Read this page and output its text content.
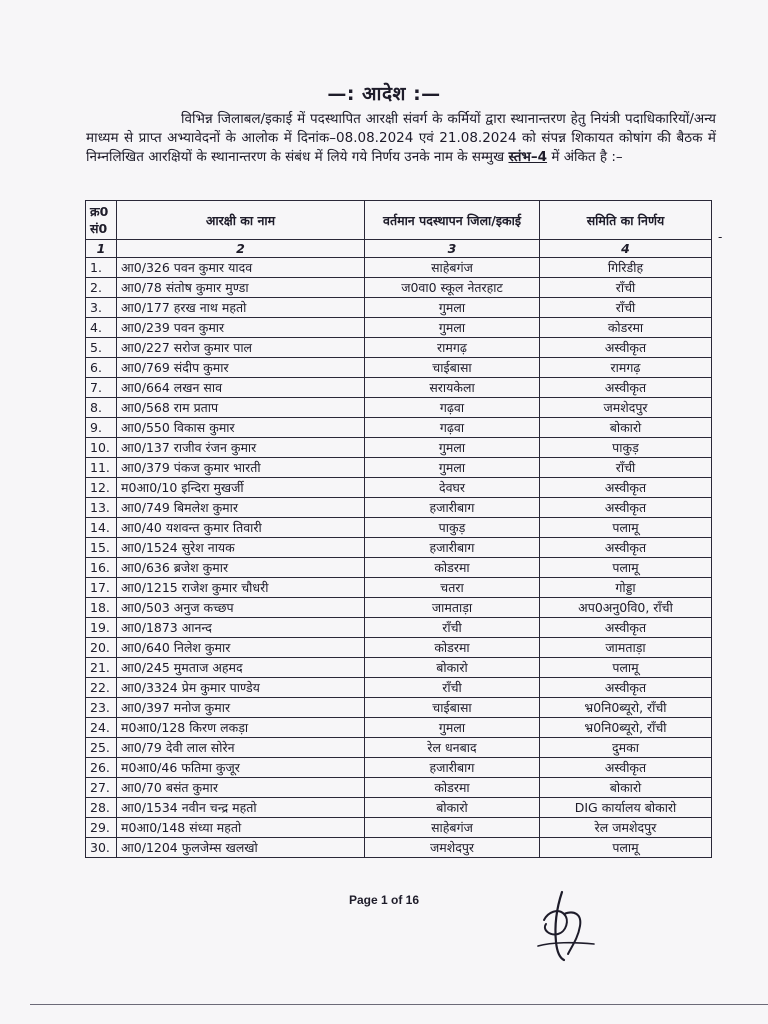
—: आदेश :—

विभिन्न जिलाबल/इकाई में पदस्थापित आरक्षी संवर्ग के कर्मियों द्वारा स्थानान्तरण हेतु नियंत्री पदाधिकारियों/अन्य माध्यम से प्राप्त अभ्यावेदनों के आलोक में दिनांक–08.08.2024 एवं 21.08.2024 को संपन्न शिकायत कोषांग की बैठक में निम्नलिखित आरक्षियों के स्थानान्तरण के संबंध में लिये गये निर्णय उनके नाम के सम्मुख स्तंभ–4 में अंकित है :–

क्र0 सं0	आरक्षी का नाम	वर्तमान पदस्थापन जिला/इकाई	समिति का निर्णय
1	2	3	4
1.	आ0/326 पवन कुमार यादव	साहेबगंज	गिरिडीह
2.	आ0/78 संतोष कुमार मुण्डा	ज0वा0 स्कूल नेतरहाट	राँची
3.	आ0/177 हरख नाथ महतो	गुमला	राँची
4.	आ0/239 पवन कुमार	गुमला	कोडरमा
5.	आ0/227 सरोज कुमार पाल	रामगढ़	अस्वीकृत
6.	आ0/769 संदीप कुमार	चाईबासा	रामगढ़
7.	आ0/664 लखन साव	सरायकेला	अस्वीकृत
8.	आ0/568 राम प्रताप	गढ़वा	जमशेदपुर
9.	आ0/550 विकास कुमार	गढ़वा	बोकारो
10.	आ0/137 राजीव रंजन कुमार	गुमला	पाकुड़
11.	आ0/379 पंकज कुमार भारती	गुमला	राँची
12.	म0आ0/10 इन्दिरा मुखर्जी	देवघर	अस्वीकृत
13.	आ0/749 बिमलेश कुमार	हजारीबाग	अस्वीकृत
14.	आ0/40 यशवन्त कुमार तिवारी	पाकुड़	पलामू
15.	आ0/1524 सुरेश नायक	हजारीबाग	अस्वीकृत
16.	आ0/636 ब्रजेश कुमार	कोडरमा	पलामू
17.	आ0/1215 राजेश कुमार चौधरी	चतरा	गोड्डा
18.	आ0/503 अनुज कच्छप	जामताड़ा	अप0अनु0वि0, राँची
19.	आ0/1873 आनन्द	राँची	अस्वीकृत
20.	आ0/640 निलेश कुमार	कोडरमा	जामताड़ा
21.	आ0/245 मुमताज अहमद	बोकारो	पलामू
22.	आ0/3324 प्रेम कुमार पाण्डेय	राँची	अस्वीकृत
23.	आ0/397 मनोज कुमार	चाईबासा	भ्र0नि0ब्यूरो, राँची
24.	म0आ0/128 किरण लकड़ा	गुमला	भ्र0नि0ब्यूरो, राँची
25.	आ0/79 देवी लाल सोरेन	रेल धनबाद	दुमका
26.	म0आ0/46 फतिमा कुजूर	हजारीबाग	अस्वीकृत
27.	आ0/70 बसंत कुमार	कोडरमा	बोकारो
28.	आ0/1534 नवीन चन्द्र महतो	बोकारो	DIG कार्यालय बोकारो
29.	म0आ0/148 संध्या महतो	साहेबगंज	रेल जमशेदपुर
30.	आ0/1204 फुलजेम्स खलखो	जमशेदपुर	पलामू
-
Page 1 of 16
